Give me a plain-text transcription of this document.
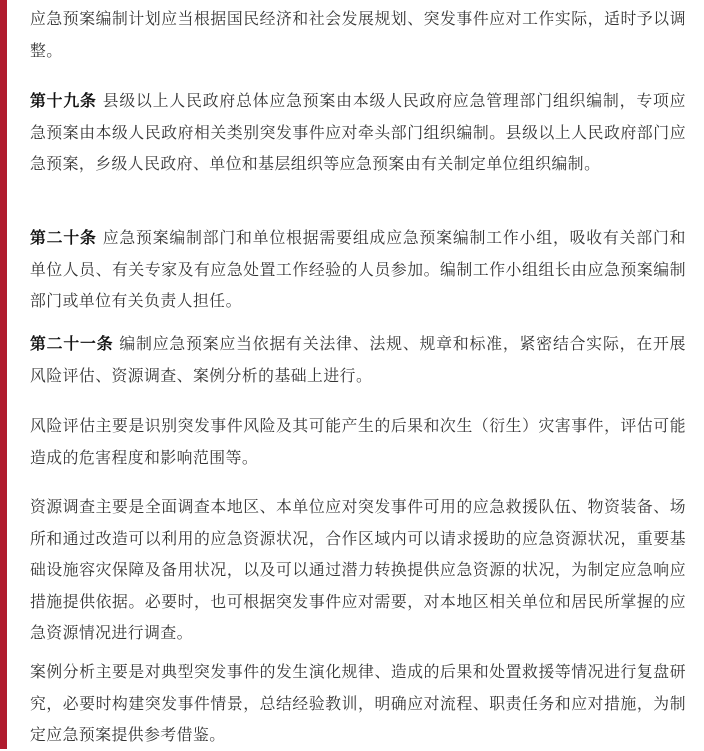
应急预案编制计划应当根据国民经济和社会发展规划、突发事件应对工作实际，适时予以调整。

第十九条 县级以上人民政府总体应急预案由本级人民政府应急管理部门组织编制，专项应急预案由本级人民政府相关类别突发事件应对牵头部门组织编制。县级以上人民政府部门应急预案，乡级人民政府、单位和基层组织等应急预案由有关制定单位组织编制。

第二十条 应急预案编制部门和单位根据需要组成应急预案编制工作小组，吸收有关部门和单位人员、有关专家及有应急处置工作经验的人员参加。编制工作小组组长由应急预案编制部门或单位有关负责人担任。

第二十一条 编制应急预案应当依据有关法律、法规、规章和标准，紧密结合实际，在开展风险评估、资源调查、案例分析的基础上进行。

风险评估主要是识别突发事件风险及其可能产生的后果和次生（衍生）灾害事件，评估可能造成的危害程度和影响范围等。

资源调查主要是全面调查本地区、本单位应对突发事件可用的应急救援队伍、物资装备、场所和通过改造可以利用的应急资源状况，合作区域内可以请求援助的应急资源状况，重要基础设施容灾保障及备用状况，以及可以通过潜力转换提供应急资源的状况，为制定应急响应措施提供依据。必要时，也可根据突发事件应对需要，对本地区相关单位和居民所掌握的应急资源情况进行调查。

案例分析主要是对典型突发事件的发生演化规律、造成的后果和处置救援等情况进行复盘研究，必要时构建突发事件情景，总结经验教训，明确应对流程、职责任务和应对措施，为制定应急预案提供参考借鉴。
